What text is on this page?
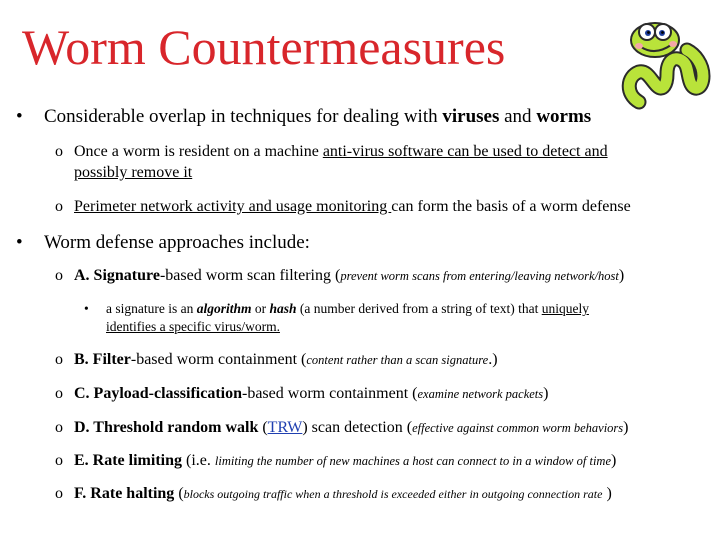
Worm Countermeasures
• Considerable overlap in techniques for dealing with viruses and worms
o Once a worm is resident on a machine anti-virus software can be used to detect and
possibly remove it
o Perimeter network activity and usage monitoring can form the basis of a worm defense
• Worm defense approaches include:
o A. Signature-based worm scan filtering (prevent worm scans from entering/leaving network/host)
• a signature is an algorithm or hash (a number derived from a string of text) that uniquely
identifies a specific virus/worm.
o B. Filter-based worm containment (content rather than a scan signature.)
o C. Payload-classification-based worm containment (examine network packets)
o D. Threshold random walk (TRW) scan detection (effective against common worm behaviors)
o E. Rate limiting (i.e. limiting the number of new machines a host can connect to in a window of time)
o F. Rate halting (blocks outgoing traffic when a threshold is exceeded either in outgoing connection rate )
